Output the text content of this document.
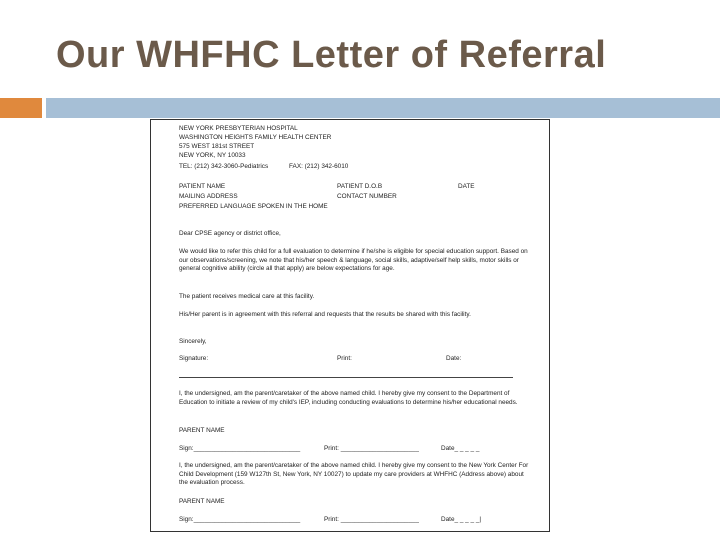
Our WHFHC Letter of Referral
NEW YORK PRESBYTERIAN HOSPITAL
WASHINGTON HEIGHTS FAMILY HEALTH CENTER
575 WEST 181st STREET
NEW YORK, NY 10033
TEL: (212) 342-3060-Pediatrics	FAX: (212) 342-6010
PATIENT NAME	PATIENT D.O.B	DATE
MAILING ADDRESS	CONTACT NUMBER
PREFERRED LANGUAGE SPOKEN IN THE HOME

Dear CPSE agency or district office,

We would like to refer this child for a full evaluation to determine if he/she is eligible for special education support. Based on our observations/screening, we note that his/her speech & language, social skills, adaptive/self help skills, motor skills or general cognitive ability (circle all that apply) are below expectations for age.

The patient receives medical care at this facility.

His/Her parent is in agreement with this referral and requests that the results be shared with this facility.

Sincerely,

Signature:	Print:	Date:

I, the undersigned, am the parent/caretaker of the above named child. I hereby give my consent to the Department of Education to initiate a review of my child's IEP, including conducting evaluations to determine his/her educational needs.

PARENT NAME
Sign:______________________________	Print: ______________________	Date_ _ _ _ _

I, the undersigned, am the parent/caretaker of the above named child. I hereby give my consent to the New York Center For Child Development (159 W127th St, New York, NY 10027) to update my care providers at WHFHC (Address above) about the evaluation process.

PARENT NAME
Sign:______________________________	Print: ______________________	Date_ _ _ _ _|
